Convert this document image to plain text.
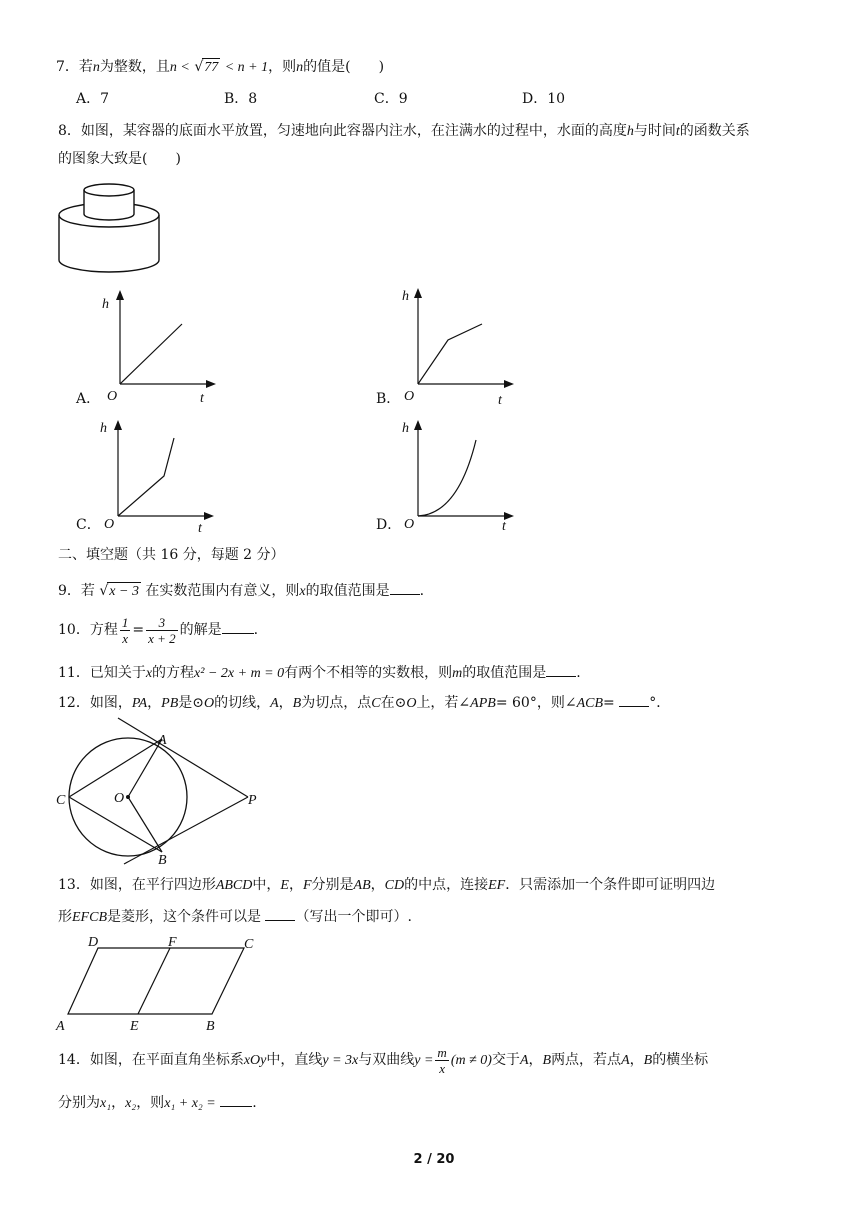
7．若n为整数，且n < √77 < n + 1，则n的值是(　　)
A．7	B．8	C．9	D．10
8．如图，某容器的底面水平放置，匀速地向此容器内注水，在注满水的过程中，水面的高度h与时间t的函数关系
的图象大致是(　　)
A．
h
O	t	B．
h
O	t
C．
h
O	t	D．
h
O	t
二、填空题（共 16 分，每题 2 分）
9．若 √x − 3 在实数范围内有意义，则x的取值范围是 .
10．方程 $\frac{1}{x} = \frac{3}{x + 2}$ 的解是 .
11．已知关于x的方程x² − 2x + m = 0有两个不相等的实数根，则m的取值范围是 .
12．如图，PA，PB是⊙O的切线，A，B为切点，点C在⊙O上，若∠APB= 60°，则∠ACB= °．
A
B
C	O	P
13．如图，在平行四边形ABCD中，E，F分别是AB，CD的中点，连接EF．只需添加一个条件即可证明四边
形EFCB是菱形，这个条件可以是 （写出一个即可）.
D	F	C
A	E	B
14．如图，在平面直角坐标系xOy中，直线y = 3x与双曲线$y = \frac{m}{x} (m \ne 0)$交于A，B两点，若点A，B的横坐标
分别为x₁，x₂，则x₁ + x₂ =	.
2 / 20
